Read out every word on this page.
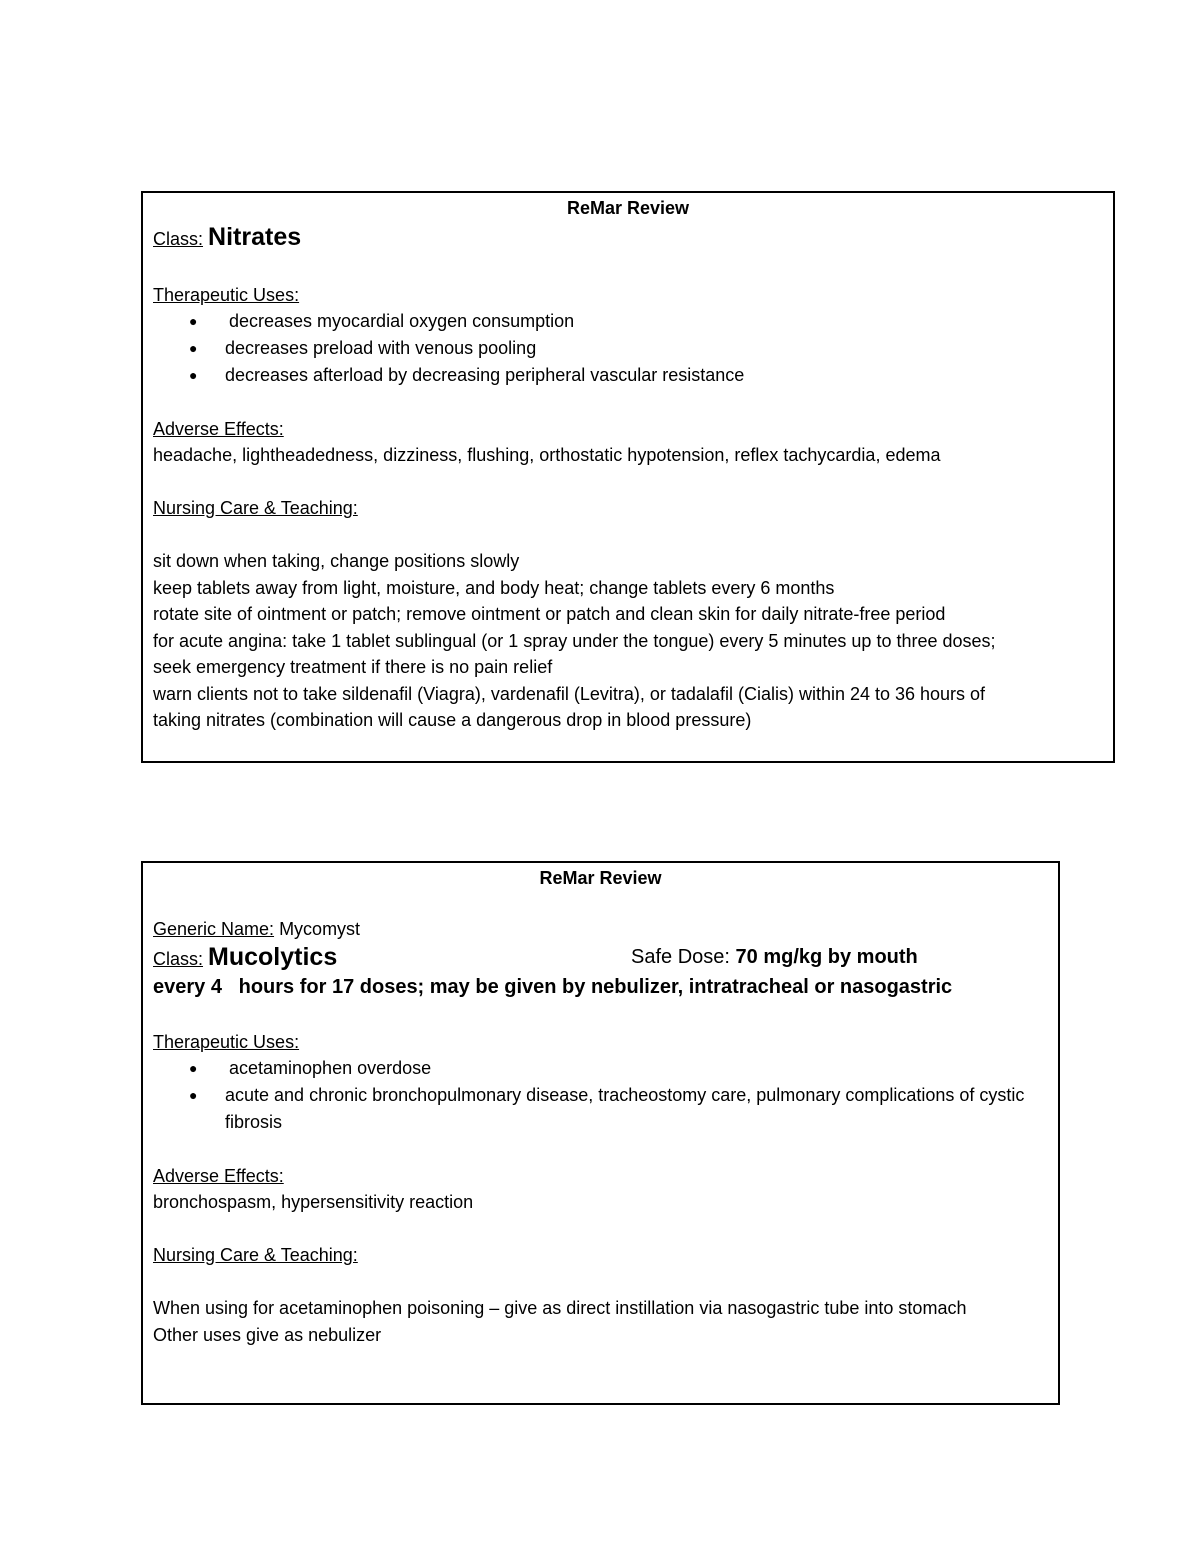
ReMar Review
Class: Nitrates
Therapeutic Uses:
● decreases myocardial oxygen consumption
● decreases preload with venous pooling
● decreases afterload by decreasing peripheral vascular resistance
Adverse Effects:
headache, lightheadedness, dizziness, flushing, orthostatic hypotension, reflex tachycardia, edema
Nursing Care & Teaching:
sit down when taking, change positions slowly
keep tablets away from light, moisture, and body heat; change tablets every 6 months
rotate site of ointment or patch; remove ointment or patch and clean skin for daily nitrate-free period
for acute angina: take 1 tablet sublingual (or 1 spray under the tongue) every 5 minutes up to three doses;
seek emergency treatment if there is no pain relief
warn clients not to take sildenafil (Viagra), vardenafil (Levitra), or tadalafil (Cialis) within 24 to 36 hours of
taking nitrates (combination will cause a dangerous drop in blood pressure)
ReMar Review
Generic Name: Mycomyst
Class: Mucolytics	Safe Dose: 70 mg/kg by mouth
every 4   hours for 17 doses; may be given by nebulizer, intratracheal or nasogastric
Therapeutic Uses:
● acetaminophen overdose
● acute and chronic bronchopulmonary disease, tracheostomy care, pulmonary complications of cystic fibrosis
Adverse Effects:
bronchospasm, hypersensitivity reaction
Nursing Care & Teaching:
When using for acetaminophen poisoning – give as direct instillation via nasogastric tube into stomach
Other uses give as nebulizer
